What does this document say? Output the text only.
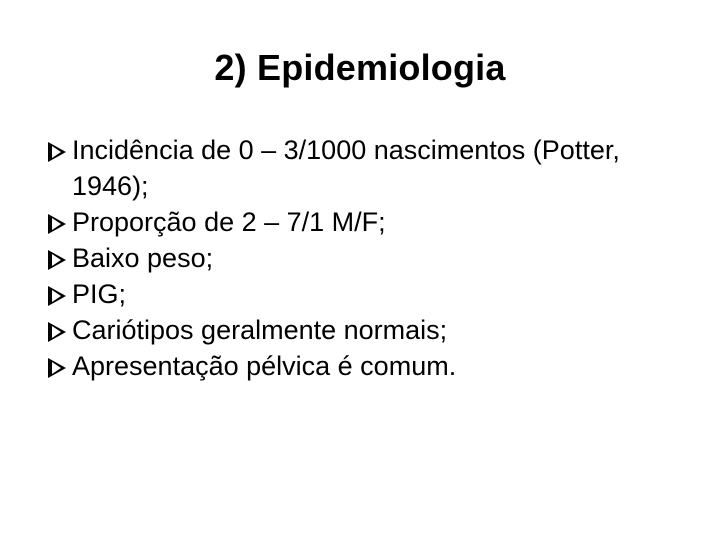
2) Epidemiologia
Incidência de 0 – 3/1000 nascimentos (Potter, 1946);
Proporção de 2 – 7/1 M/F;
Baixo peso;
PIG;
Cariótipos geralmente normais;
Apresentação pélvica é comum.
